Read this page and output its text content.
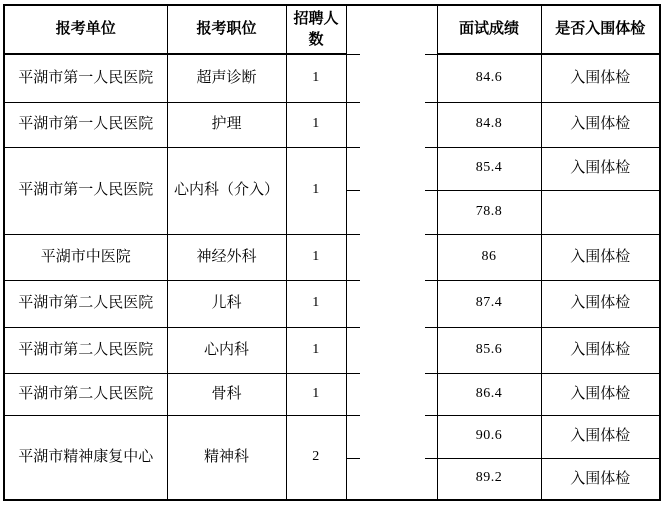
报考单位	报考职位	招聘人数		面试成绩	是否入围体检
平湖市第一人民医院	超声诊断	1		84.6	入围体检
平湖市第一人民医院	护理	1		84.8	入围体检
平湖市第一人民医院	心内科（介入）	1		85.4	入围体检
				78.8	
平湖市中医院	神经外科	1		86	入围体检
平湖市第二人民医院	儿科	1		87.4	入围体检
平湖市第二人民医院	心内科	1		85.6	入围体检
平湖市第二人民医院	骨科	1		86.4	入围体检
平湖市精神康复中心	精神科	2		90.6	入围体检
				89.2	入围体检
